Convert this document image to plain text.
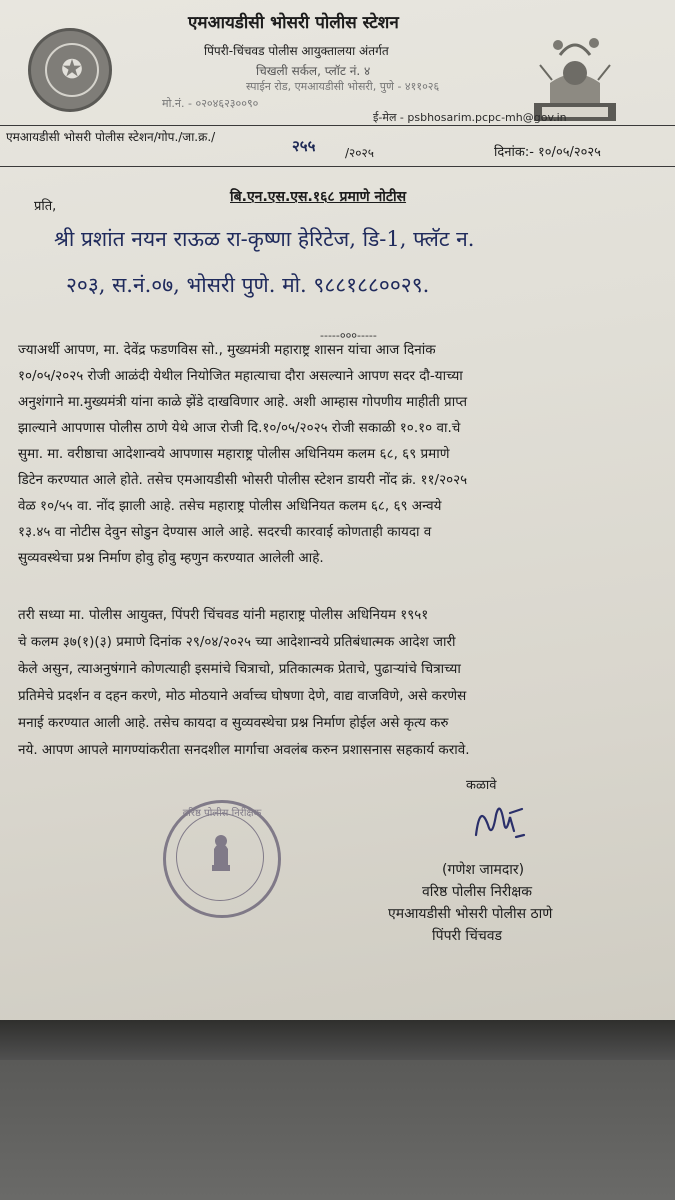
✪
एमआयडीसी भोसरी पोलीस स्टेशन
पिंपरी-चिंचवड पोलीस आयुक्तालया अंतर्गत
चिखली सर्कल, प्लॉट नं. ४
स्पाईन रोड, एमआयडीसी भोसरी, पुणे - ४११०२६
मो.नं. - ०२०४६२३००९०
ई-मेल - psbhosarim.pcpc-mh@gov.in
एमआयडीसी भोसरी पोलीस स्टेशन/गोप./जा.क्र./	२५५ /२०२५	दिनांक:- १०/०५/२०२५
बि.एन.एस.एस.१६८ प्रमाणे नोटीस
प्रति,
श्री प्रशांत नयन राऊळ रा-कृष्णा हेरिटेज, डि-1, फ्लॅट न.
२०३, स.नं.०७, भोसरी पुणे. मो. ९८८१८८००२९.
-----०००-----
ज्याअर्थी आपण, मा. देवेंद्र फडणविस सो., मुख्यमंत्री महाराष्ट्र शासन यांचा आज दिनांक
१०/०५/२०२५ रोजी आळंदी येथील नियोजित महात्याचा दौरा असल्याने आपण सदर दौ-याच्या
अनुशंगाने मा.मुख्यमंत्री यांना काळे झेंडे दाखविणार आहे. अशी आम्हास गोपणीय माहीती प्राप्त
झाल्याने आपणास पोलीस ठाणे येथे आज रोजी दि.१०/०५/२०२५ रोजी सकाळी १०.१० वा.चे
सुमा. मा. वरीष्ठाचा आदेशान्वये आपणास महाराष्ट्र पोलीस अधिनियम कलम ६८, ६९ प्रमाणे
डिटेन करण्यात आले होते. तसेच एमआयडीसी भोसरी पोलीस स्टेशन डायरी नोंद क्रं. ११/२०२५
वेळ १०/५५ वा. नोंद झाली आहे. तसेच महाराष्ट्र पोलीस अधिनियत कलम ६८, ६९ अन्वये
१३.४५ वा नोटीस देवुन सोडुन देण्यास आले आहे. सदरची कारवाई कोणताही कायदा व
सुव्यवस्थेचा प्रश्न निर्माण होवु होवु म्हणुन करण्यात आलेली आहे.
तरी सध्या मा. पोलीस आयुक्त, पिंपरी चिंचवड यांनी महाराष्ट्र पोलीस अधिनियम १९५१
चे कलम ३७(१)(३) प्रमाणे दिनांक २९/०४/२०२५ च्या आदेशान्वये प्रतिबंधात्मक आदेश जारी
केले असुन, त्याअनुषंगाने कोणत्याही इसमांचे चित्राचो, प्रतिकात्मक प्रेताचे, पुढाऱ्यांचे चित्राच्या
प्रतिमेचे प्रदर्शन व दहन करणे, मोठ मोठयाने अर्वाच्च घोषणा देणे, वाद्य वाजविणे, असे करणेस
मनाई करण्यात आली आहे. तसेच कायदा व सुव्यवस्थेचा प्रश्न निर्माण होईल असे कृत्य करु
नये. आपण आपले मागण्यांकरीता सनदशील मार्गाचा अवलंब करुन प्रशासनास सहकार्य करावे.
कळावे
वरिष्ठ पोलीस निरीक्षक
(गणेश जामदार)
वरिष्ठ पोलीस निरीक्षक
एमआयडीसी भोसरी पोलीस ठाणे
पिंपरी चिंचवड
